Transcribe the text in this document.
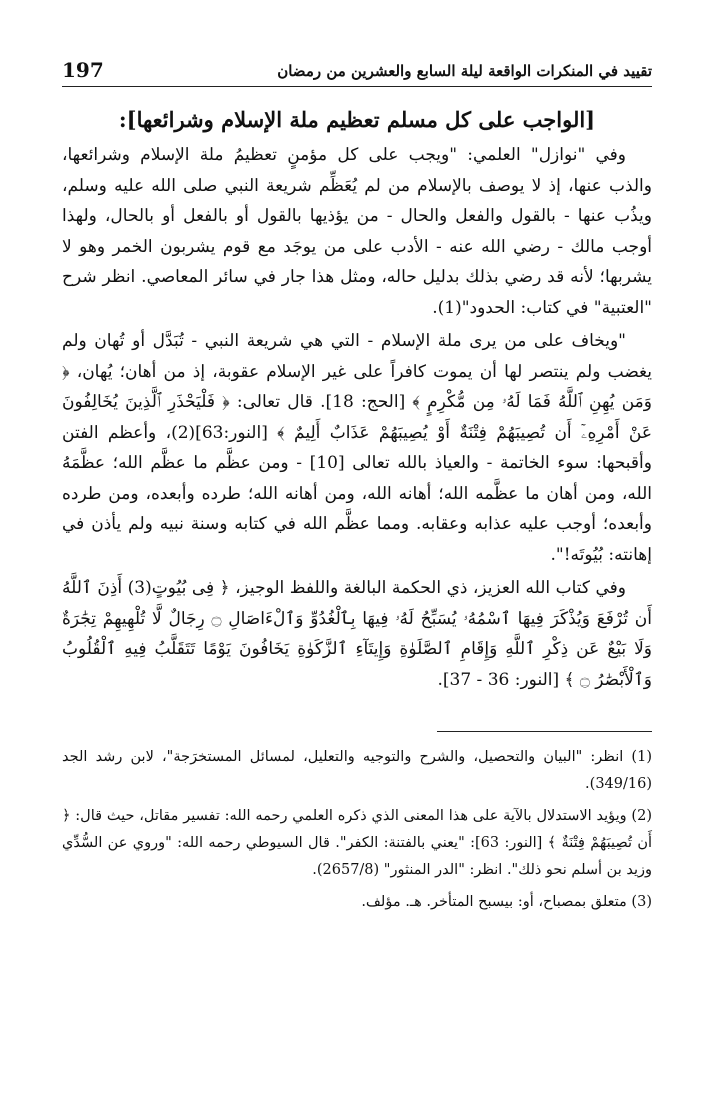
تقييد في المنكرات الواقعة ليلة السابع والعشرين من رمضان
197
[الواجب على كل مسلم تعظيم ملة الإسلام وشرائعها]:

وفي "نوازل" العلمي: "ويجب على كل مؤمنٍ تعظيمُ ملة الإسلام وشرائعها، والذب عنها، إذ لا يوصف بالإسلام من لم يُعَظِّم شريعة النبي صلى الله عليه وسلم، ويذُب عنها - بالقول والفعل والحال - من يؤذيها بالقول أو بالفعل أو بالحال، ولهذا أوجب مالك - رضي الله عنه - الأدب على من يوجَد مع قوم يشربون الخمر وهو لا يشربها؛ لأنه قد رضي بذلك بدليل حاله، ومثل هذا جار في سائر المعاصي. انظر شرح "العتبية" في كتاب: الحدود"(1).

"ويخاف على من يرى ملة الإسلام - التي هي شريعة النبي - تُبَدَّل أو تُهان ولم يغضب ولم ينتصر لها أن يموت كافراً على غير الإسلام عقوبة، إذ من أهان؛ يُهان، ﴿ وَمَن يُهِنِ ٱللَّهُ فَمَا لَهُۥ مِن مُّكْرِمٍ ﴾ [الحج: 18]. قال تعالى: ﴿ فَلْيَحْذَرِ ٱلَّذِينَ يُخَالِفُونَ عَنْ أَمْرِهِۦٓ أَن تُصِيبَهُمْ فِتْنَةٌ أَوْ يُصِيبَهُمْ عَذَابٌ أَلِيمٌ ﴾ [النور:63](2)، وأعظم الفتن وأقبحها: سوء الخاتمة - والعياذ بالله تعالى [10] - ومن عظَّم ما عظَّم الله؛ عظَّمَهُ الله، ومن أهان ما عظَّمه الله؛ أهانه الله، ومن أهانه الله؛ طرده وأبعده، ومن طرده وأبعده؛ أوجب عليه عذابه وعقابه. ومما عظَّم الله في كتابه وسنة نبيه ولم يأذن في إهانته: بُيُوتَه!".

وفي كتاب الله العزيز، ذي الحكمة البالغة واللفظ الوجيز، ﴿ فِى بُيُوتٍ(3) أَذِنَ ٱللَّهُ أَن تُرْفَعَ وَيُذْكَرَ فِيهَا ٱسْمُهُۥ يُسَبِّحُ لَهُۥ فِيهَا بِٱلْغُدُوِّ وَٱلْءَاصَالِ ۝ رِجَالٌ لَّا تُلْهِيهِمْ تِجَٰرَةٌ وَلَا بَيْعٌ عَن ذِكْرِ ٱللَّهِ وَإِقَامِ ٱلصَّلَوٰةِ وَإِيتَآءِ ٱلزَّكَوٰةِ يَخَافُونَ يَوْمًا تَتَقَلَّبُ فِيهِ ٱلْقُلُوبُ وَٱلْأَبْصَٰرُ ۝ ﴾ [النور: 36 - 37].

(1) انظر: "البيان والتحصيل، والشرح والتوجيه والتعليل، لمسائل المستخرَجة"، لابن رشد الجد (349/16).

(2) ويؤيد الاستدلال بالآية على هذا المعنى الذي ذكره العلمي رحمه الله: تفسير مقاتل، حيث قال: ﴿ أَن تُصِيبَهُمْ فِتْنَةٌ ﴾ [النور: 63]: "يعني بالفتنة: الكفر". قال السيوطي رحمه الله: "وروي عن السُّدِّي وزيد بن أسلم نحو ذلك". انظر: "الدر المنثور" (2657/8).

(3) متعلق بمصباح، أو: بيسبح المتأخر. هـ. مؤلف.
